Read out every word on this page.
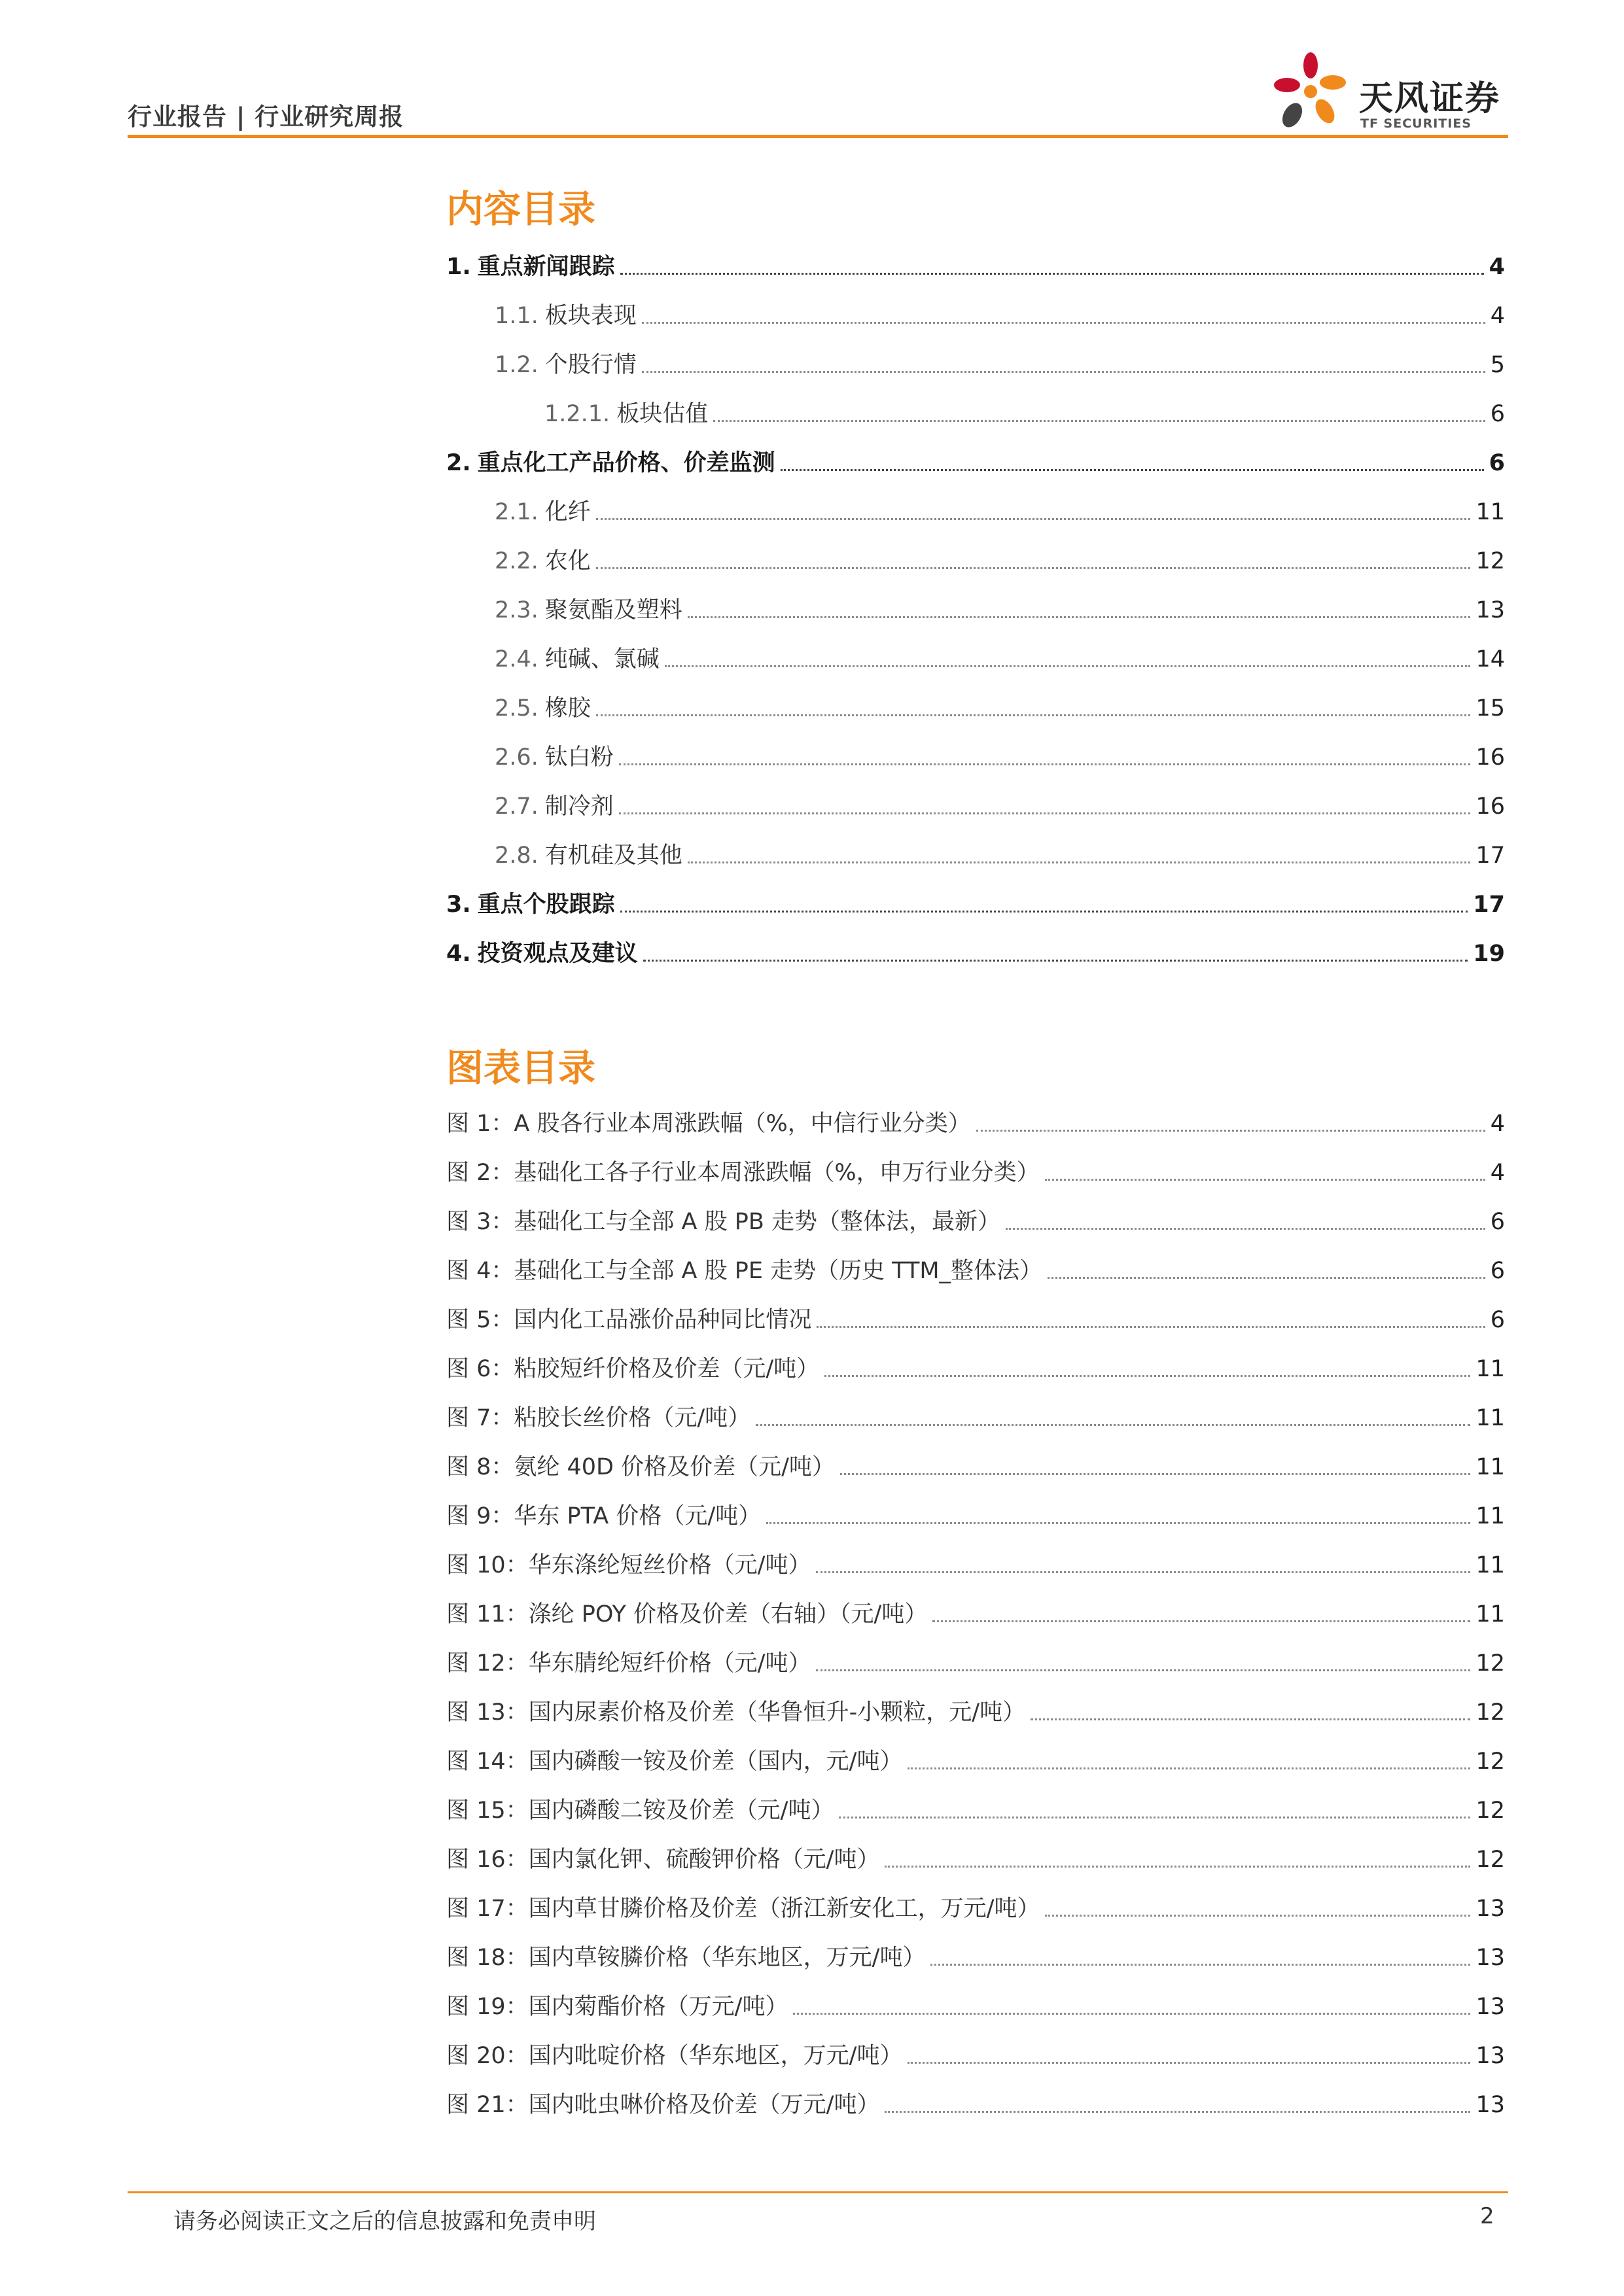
行业报告 | 行业研究周报	天风证券
TF SECURITIES
内容目录
1. 重点新闻跟踪	4
1.1. 板块表现	4
1.2. 个股行情	5
1.2.1. 板块估值	6
2. 重点化工产品价格、价差监测	6
2.1. 化纤	11
2.2. 农化	12
2.3. 聚氨酯及塑料	13
2.4. 纯碱、氯碱	14
2.5. 橡胶	15
2.6. 钛白粉	16
2.7. 制冷剂	16
2.8. 有机硅及其他	17
3. 重点个股跟踪	17
4. 投资观点及建议	19
图表目录
图 1：A 股各行业本周涨跌幅（%，中信行业分类）	4
图 2：基础化工各子行业本周涨跌幅（%，申万行业分类）	4
图 3：基础化工与全部 A 股 PB 走势（整体法，最新）	6
图 4：基础化工与全部 A 股 PE 走势（历史 TTM_整体法）	6
图 5：国内化工品涨价品种同比情况	6
图 6：粘胶短纤价格及价差（元/吨）	11
图 7：粘胶长丝价格（元/吨）	11
图 8：氨纶 40D 价格及价差（元/吨）	11
图 9：华东 PTA 价格（元/吨）	11
图 10：华东涤纶短丝价格（元/吨）	11
图 11：涤纶 POY 价格及价差（右轴）（元/吨）	11
图 12：华东腈纶短纤价格（元/吨）	12
图 13：国内尿素价格及价差（华鲁恒升-小颗粒，元/吨）	12
图 14：国内磷酸一铵及价差（国内，元/吨）	12
图 15：国内磷酸二铵及价差（元/吨）	12
图 16：国内氯化钾、硫酸钾价格（元/吨）	12
图 17：国内草甘膦价格及价差（浙江新安化工，万元/吨）	13
图 18：国内草铵膦价格（华东地区，万元/吨）	13
图 19：国内菊酯价格（万元/吨）	13
图 20：国内吡啶价格（华东地区，万元/吨）	13
图 21：国内吡虫啉价格及价差（万元/吨）	13
请务必阅读正文之后的信息披露和免责申明	2
